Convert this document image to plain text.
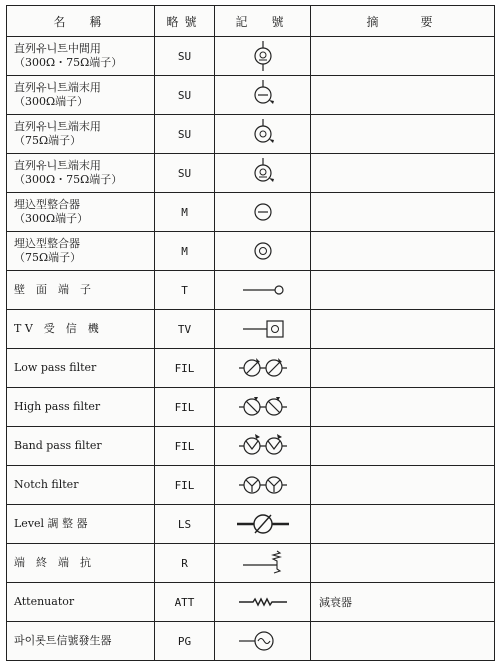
名　稱	略號	記　號	摘　　要

直列유니트中間用
（300Ω・75Ω端子）	SU	

直列유니트端末用
（300Ω端子）	SU	

直列유니트端末用
（75Ω端子）	SU	

直列유니트端末用
（300Ω・75Ω端子）	SU	

埋込型整合器
（300Ω端子）	M	

埋込型整合器
（75Ω端子）	M	

壁　面　端　子	T	

T V　受　信　機	TV	

Low pass filter	FIL	

High pass filter	FIL	

Band pass filter	FIL	

Notch filter	FIL	

Level 調 整 器	LS	

端　終　端　抗	R	

Attenuator	ATT		減衰器
파이롯트信號發生器	PG	
